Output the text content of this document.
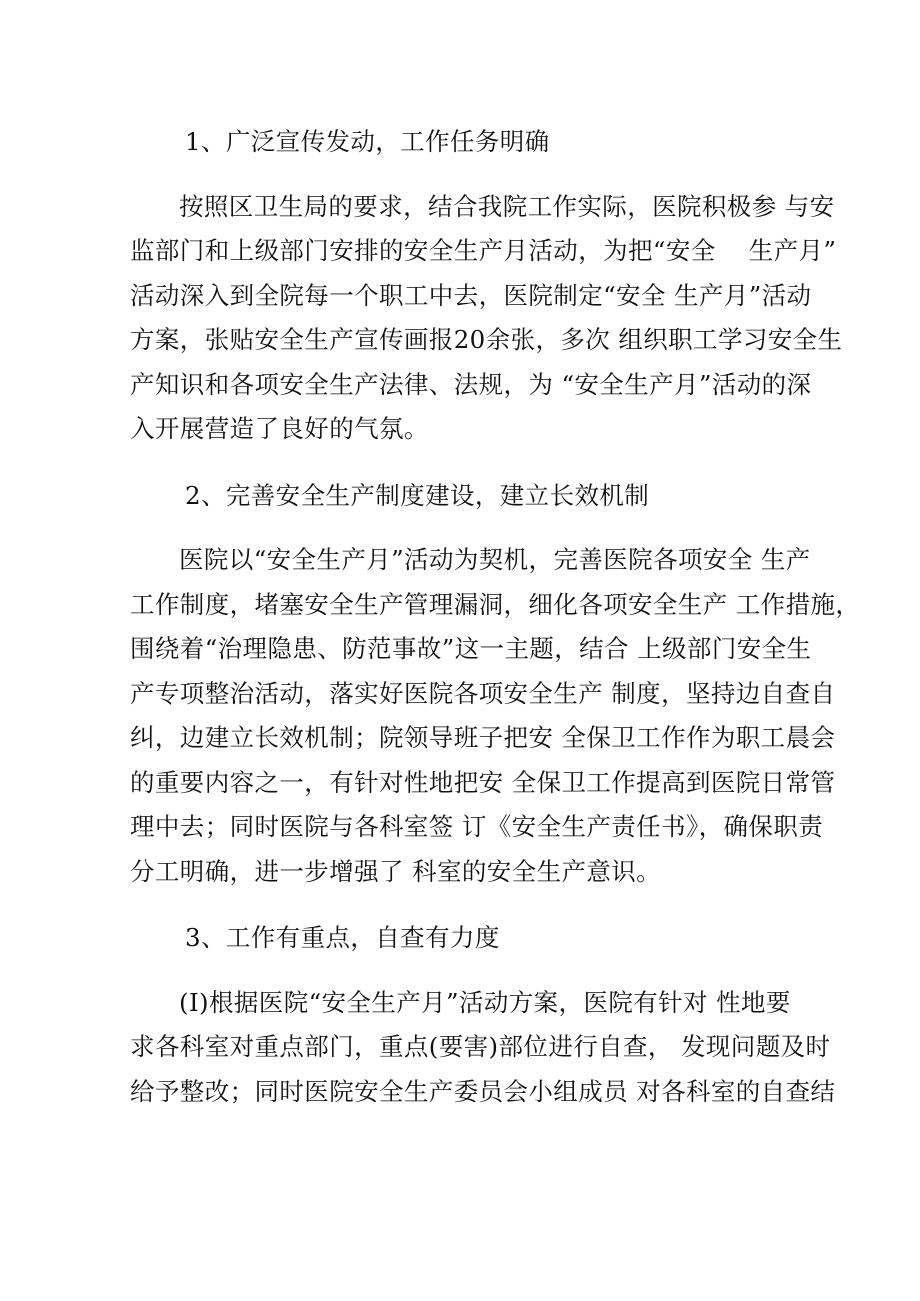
1、广泛宣传发动，工作任务明确

按照区卫生局的要求，结合我院工作实际，医院积极参 与安
监部门和上级部门安排的安全生产月活动，为把“安全　 生产月”
活动深入到全院每一个职工中去，医院制定“安全 生产月”活动
方案，张贴安全生产宣传画报20余张，多次 组织职工学习安全生
产知识和各项安全生产法律、法规，为 “安全生产月”活动的深
入开展营造了良好的气氛。

2、完善安全生产制度建设，建立长效机制

医院以“安全生产月”活动为契机，完善医院各项安全 生产
工作制度，堵塞安全生产管理漏洞，细化各项安全生产 工作措施，
围绕着“治理隐患、防范事故”这一主题，结合 上级部门安全生
产专项整治活动，落实好医院各项安全生产 制度，坚持边自查自
纠，边建立长效机制；院领导班子把安 全保卫工作作为职工晨会
的重要内容之一，有针对性地把安 全保卫工作提高到医院日常管
理中去；同时医院与各科室签 订《安全生产责任书》，确保职责
分工明确，进一步增强了 科室的安全生产意识。

3、工作有重点，自查有力度

(I)根据医院“安全生产月”活动方案，医院有针对 性地要
求各科室对重点部门，重点(要害)部位进行自查， 发现问题及时
给予整改；同时医院安全生产委员会小组成员 对各科室的自查结
